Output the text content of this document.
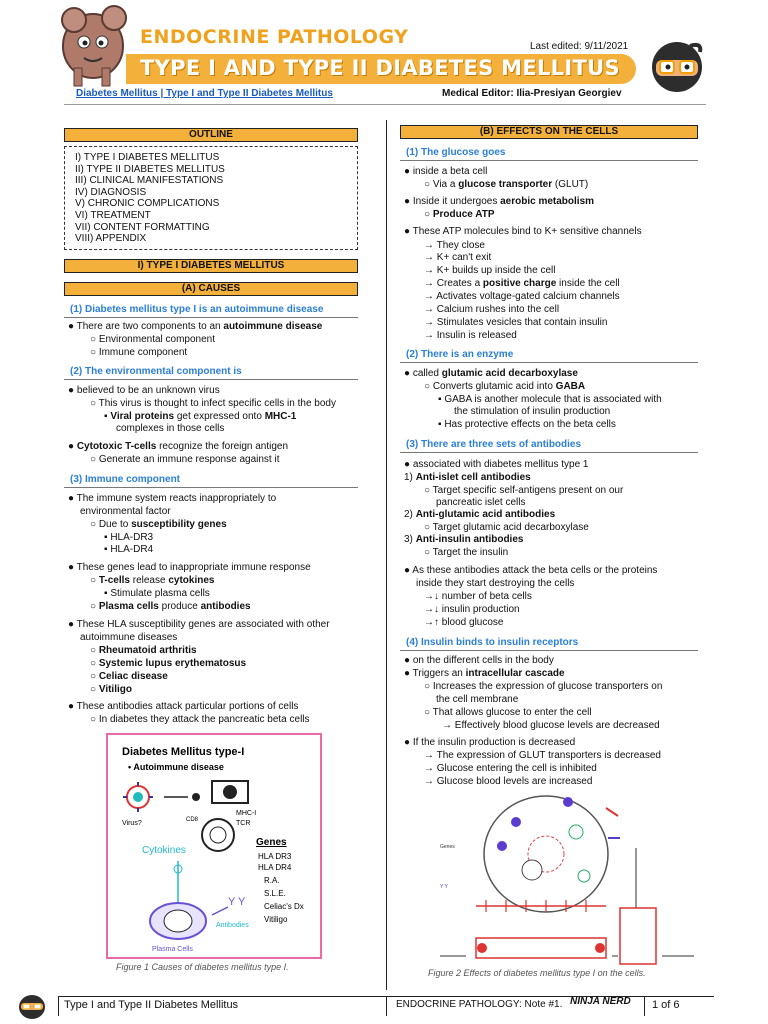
ENDOCRINE PATHOLOGY
TYPE I AND TYPE II DIABETES MELLITUS
Last edited: 9/11/2021
Diabetes Mellitus | Type I and Type II Diabetes Mellitus	Medical Editor: Ilia-Presiyan Georgiev
OUTLINE
I) TYPE I DIABETES MELLITUS
II) TYPE II DIABETES MELLITUS
III) CLINICAL MANIFESTATIONS
IV) DIAGNOSIS
V) CHRONIC COMPLICATIONS
VI) TREATMENT
VII) CONTENT FORMATTING
VIII) APPENDIX
I) TYPE I DIABETES MELLITUS
(A) CAUSES
(1) Diabetes mellitus type I is an autoimmune disease
● There are two components to an autoimmune disease
○ Environmental component
○ Immune component
(2) The environmental component is
● believed to be an unknown virus
○ This virus is thought to infect specific cells in the body
▪ Viral proteins get expressed onto MHC-1
complexes in those cells
● Cytotoxic T-cells recognize the foreign antigen
○ Generate an immune response against it
(3) Immune component
● The immune system reacts inappropriately to
environmental factor
○ Due to susceptibility genes
▪ HLA-DR3
▪ HLA-DR4
● These genes lead to inappropriate immune response
○ T-cells release cytokines
▪ Stimulate plasma cells
○ Plasma cells produce antibodies
● These HLA susceptibility genes are associated with other
autoimmune diseases
○ Rheumatoid arthritis
○ Systemic lupus erythematosus
○ Celiac disease
○ Vitiligo
● These antibodies attack particular portions of cells
○ In diabetes they attack the pancreatic beta cells
Diabetes Mellitus type-I
• Autoimmune disease
Virus?
MHC-I
TCR
CD8
Genes
HLA DR3
HLA DR4
R.A.
S.L.E.
Celiac's Dx
Vitiligo
Cytokines
Plasma Cells
Y Y
Antibodies
Figure 1 Causes of diabetes mellitus type I.
(B) EFFECTS ON THE CELLS
(1) The glucose goes
● inside a beta cell
○ Via a glucose transporter (GLUT)
● Inside it undergoes aerobic metabolism
○ Produce ATP
● These ATP molecules bind to K+ sensitive channels
→ They close
→ K+ can't exit
→ K+ builds up inside the cell
→ Creates a positive charge inside the cell
→ Activates voltage-gated calcium channels
→ Calcium rushes into the cell
→ Stimulates vesicles that contain insulin
→ Insulin is released
(2) There is an enzyme
● called glutamic acid decarboxylase
○ Converts glutamic acid into GABA
▪ GABA is another molecule that is associated with
the stimulation of insulin production
▪ Has protective effects on the beta cells
(3) There are three sets of antibodies
● associated with diabetes mellitus type 1
1) Anti-islet cell antibodies
○ Target specific self-antigens present on our
pancreatic islet cells
2) Anti-glutamic acid antibodies
○ Target glutamic acid decarboxylase
3) Anti-insulin antibodies
○ Target the insulin
● As these antibodies attack the beta cells or the proteins
inside they start destroying the cells
→↓ number of beta cells
→↓ insulin production
→↑ blood glucose
(4) Insulin binds to insulin receptors
● on the different cells in the body
● Triggers an intracellular cascade
○ Increases the expression of glucose transporters on
the cell membrane
○ That allows glucose to enter the cell
→ Effectively blood glucose levels are decreased
● If the insulin production is decreased
→ The expression of GLUT transporters is decreased
→ Glucose entering the cell is inhibited
→ Glucose blood levels are increased
Genes
Y Y
Figure 2 Effects of diabetes mellitus type I on the cells.
Type I and Type II Diabetes Mellitus	ENDOCRINE PATHOLOGY: Note #1. NINJA NERD 1 of 6
